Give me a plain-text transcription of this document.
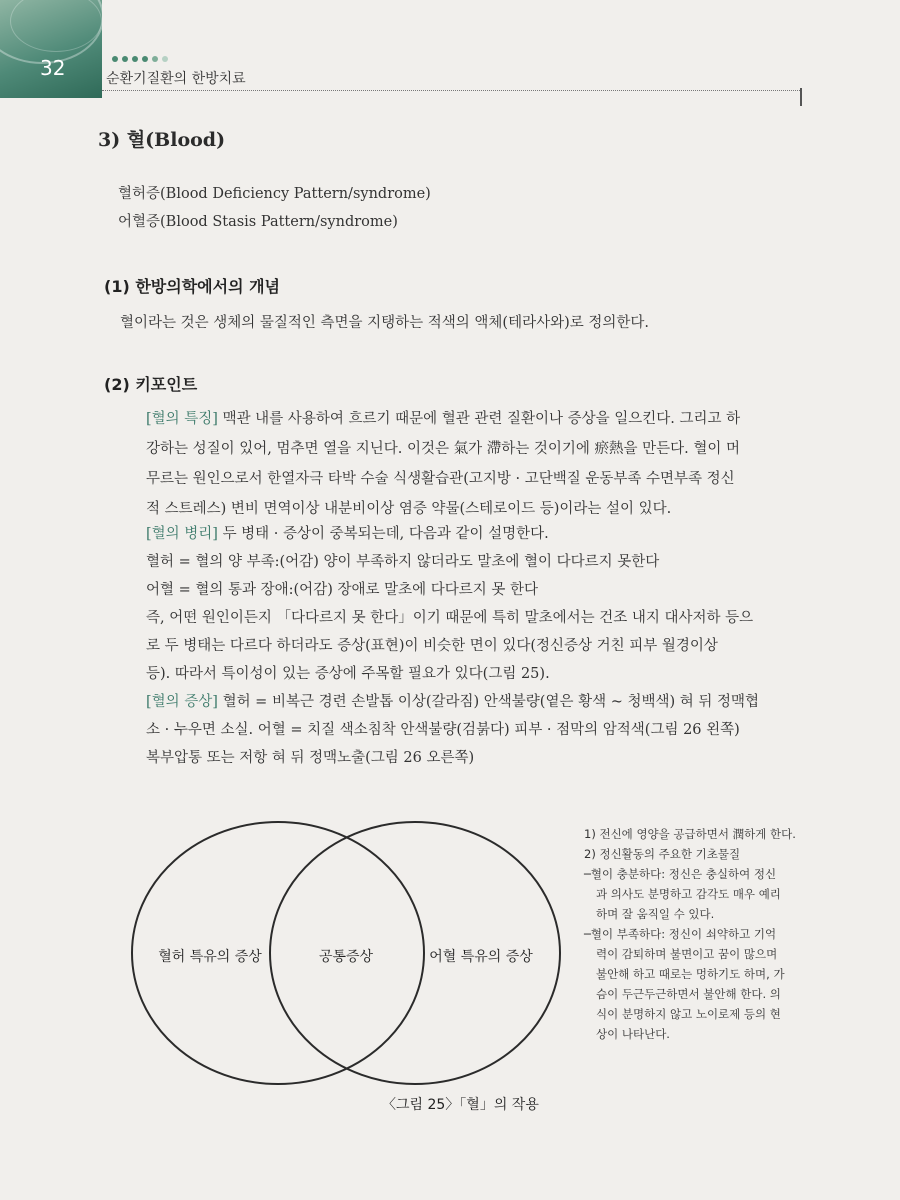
32	순환기질환의 한방치료
3) 혈(Blood)
혈허증(Blood Deficiency Pattern/syndrome)
어혈증(Blood Stasis Pattern/syndrome)
(1) 한방의학에서의 개념
혈이라는 것은 생체의 물질적인 측면을 지탱하는 적색의 액체(테라사와)로 정의한다.
(2) 키포인트
[혈의 특징] 맥관 내를 사용하여 흐르기 때문에 혈관 관련 질환이나 증상을 일으킨다. 그리고 하
강하는 성질이 있어, 멈추면 열을 지닌다. 이것은 氣가 滯하는 것이기에 瘀熱을 만든다. 혈이 머
무르는 원인으로서 한열자극 타박 수술 식생활습관(고지방 · 고단백질 운동부족 수면부족 정신
적 스트레스) 변비 면역이상 내분비이상 염증 약물(스테로이드 등)이라는 설이 있다.
[혈의 병리] 두 병태 · 증상이 중복되는데, 다음과 같이 설명한다.
혈허 = 혈의 양 부족:(어감) 양이 부족하지 않더라도 말초에 혈이 다다르지 못한다
어혈 = 혈의 통과 장애:(어감) 장애로 말초에 다다르지 못 한다
즉, 어떤 원인이든지 「다다르지 못 한다」이기 때문에 특히 말초에서는 건조 내지 대사저하 등으
로 두 병태는 다르다 하더라도 증상(표현)이 비슷한 면이 있다(정신증상 거친 피부 월경이상
등). 따라서 특이성이 있는 증상에 주목할 필요가 있다(그림 25).
[혈의 증상] 혈허 = 비복근 경련 손발톱 이상(갈라짐) 안색불량(옅은 황색 ~ 청백색) 혀 뒤 정맥협
소 · 누우면 소실. 어혈 = 치질 색소침착 안색불량(검붉다) 피부 · 점막의 암적색(그림 26 왼쪽)
복부압통 또는 저항 혀 뒤 정맥노출(그림 26 오른쪽)
혈허 특유의 증상	공통증상	어혈 특유의 증상
〈그림 25〉「혈」의 작용
1) 전신에 영양을 공급하면서 潤하게 한다.
2) 정신활동의 주요한 기초물질
─혈이 충분하다: 정신은 충실하여 정신
과 의사도 분명하고 감각도 매우 예리
하며 잘 움직일 수 있다.
─혈이 부족하다: 정신이 쇠약하고 기억
력이 감퇴하며 불면이고 꿈이 많으며
불안해 하고 때로는 멍하기도 하며, 가
슴이 두근두근하면서 불안해 한다. 의
식이 분명하지 않고 노이로제 등의 현
상이 나타난다.
